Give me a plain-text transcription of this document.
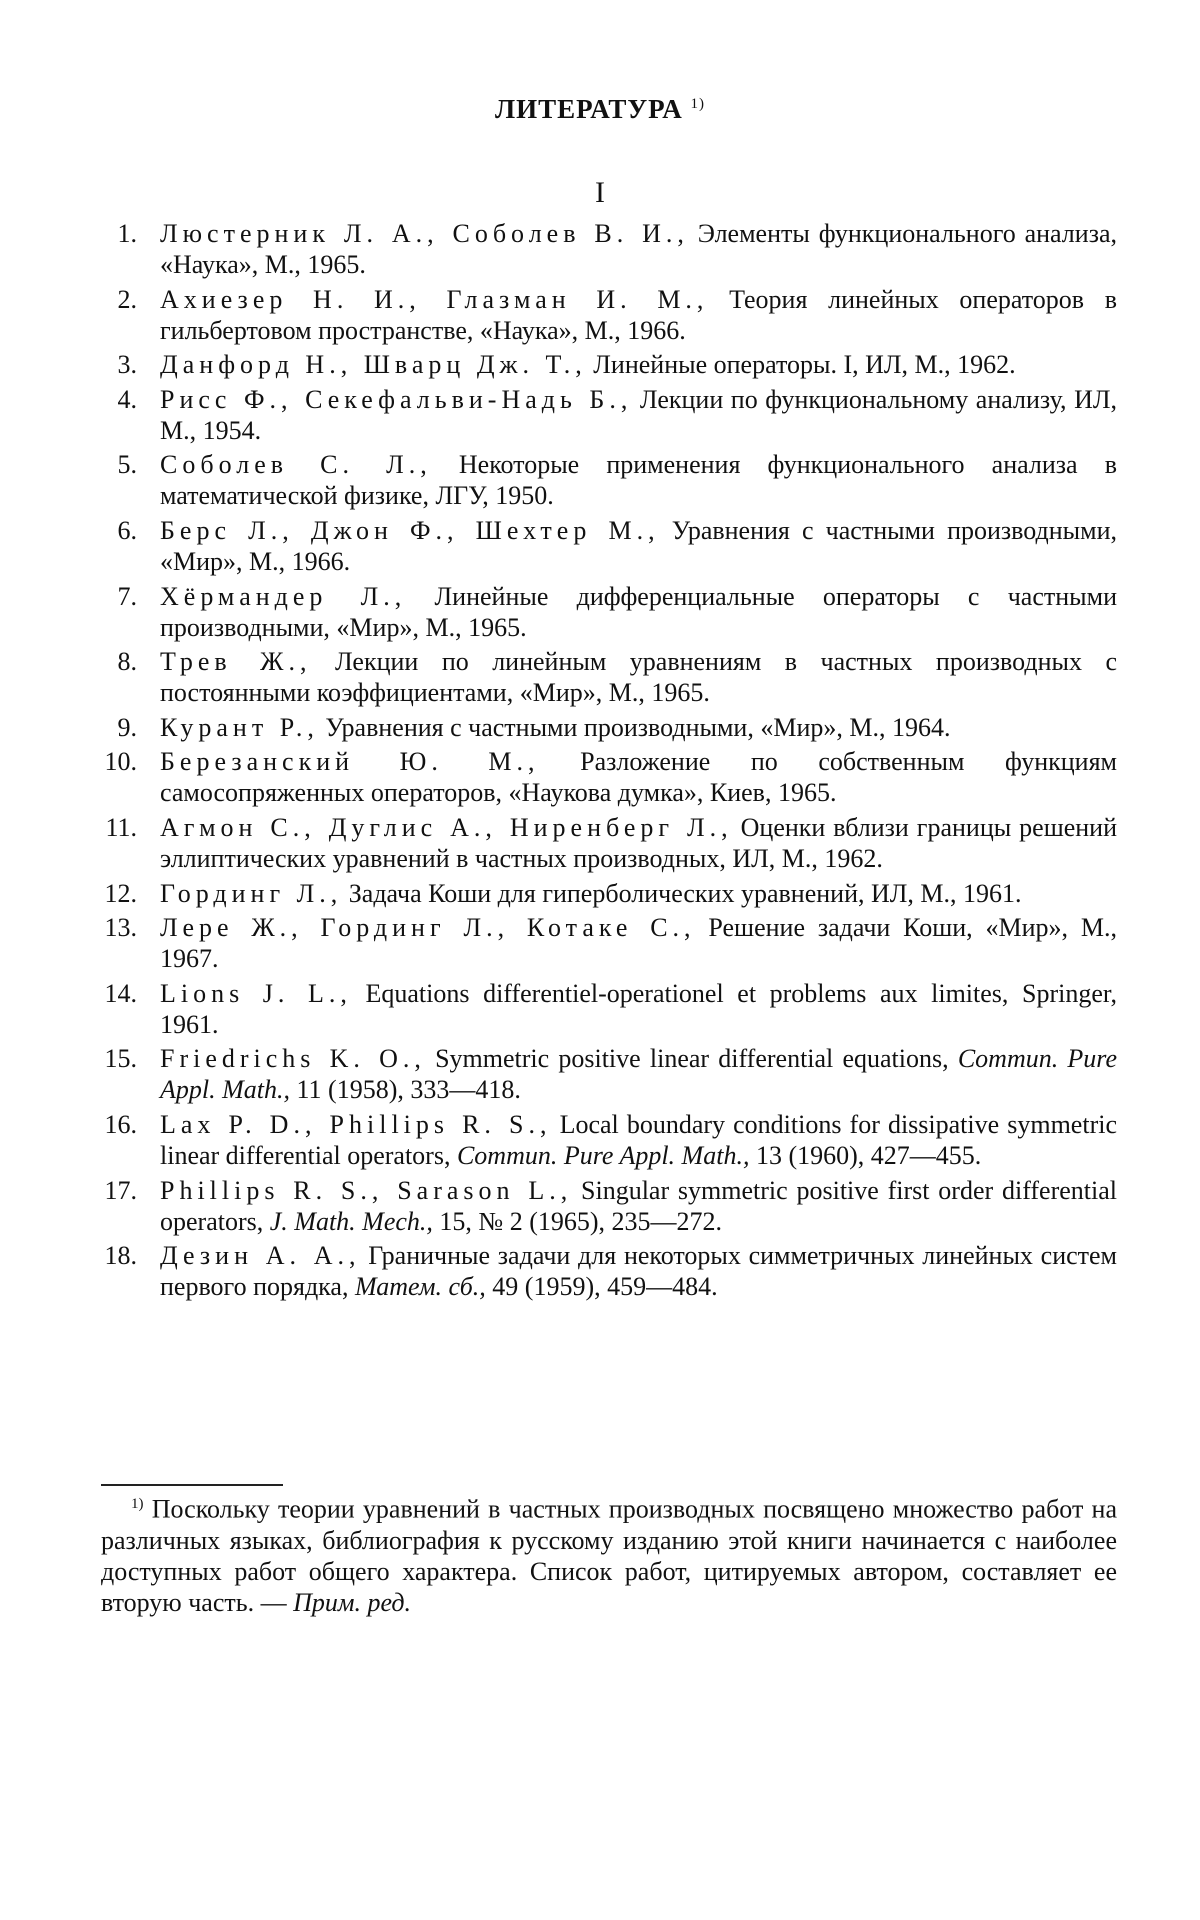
ЛИТЕРАТУРА $^{1)}$
I
1. Люстерник Л. А., Соболев В. И., Элементы функционального анализа, «Наука», М., 1965.
2. Ахиезер Н. И., Глазман И. М., Теория линейных операторов в гильбертовом пространстве, «Наука», М., 1966.
3. Данфорд Н., Шварц Дж. Т., Линейные операторы. I, ИЛ, М., 1962.
4. Рисс Ф., Секефальви-Надь Б., Лекции по функциональному анализу, ИЛ, М., 1954.
5. Соболев С. Л., Некоторые применения функционального анализа в математической физике, ЛГУ, 1950.
6. Берс Л., Джон Ф., Шехтер М., Уравнения с частными производными, «Мир», М., 1966.
7. Хёрмандер Л., Линейные дифференциальные операторы с частными производными, «Мир», М., 1965.
8. Трев Ж., Лекции по линейным уравнениям в частных производных с постоянными коэффициентами, «Мир», М., 1965.
9. Курант Р., Уравнения с частными производными, «Мир», М., 1964.
10. Березанский Ю. М., Разложение по собственным функциям самосопряженных операторов, «Наукова думка», Киев, 1965.
11. Агмон С., Дуглис А., Ниренберг Л., Оценки вблизи границы решений эллиптических уравнений в частных производных, ИЛ, М., 1962.
12. Гординг Л., Задача Коши для гиперболических уравнений, ИЛ, М., 1961.
13. Лере Ж., Гординг Л., Котаке С., Решение задачи Коши, «Мир», М., 1967.
14. Lions J. L., Equations differentiel-operationel et problems aux limites, Springer, 1961.
15. Friedrichs K. O., Symmetric positive linear differential equations, Commun. Pure Appl. Math., 11 (1958), 333—418.
16. Lax P. D., Phillips R. S., Local boundary conditions for dissipative symmetric linear differential operators, Commun. Pure Appl. Math., 13 (1960), 427—455.
17. Phillips R. S., Sarason L., Singular symmetric positive first order differential operators, J. Math. Mech., 15, № 2 (1965), 235—272.
18. Дезин А. А., Граничные задачи для некоторых симметричных линейных систем первого порядка, Матем. сб., 49 (1959), 459—484.
$^{1)}$ Поскольку теории уравнений в частных производных посвящено множество работ на различных языках, библиография к русскому изданию этой книги начинается с наиболее доступных работ общего характера. Список работ, цитируемых автором, составляет ее вторую часть. — Прим. ред.
